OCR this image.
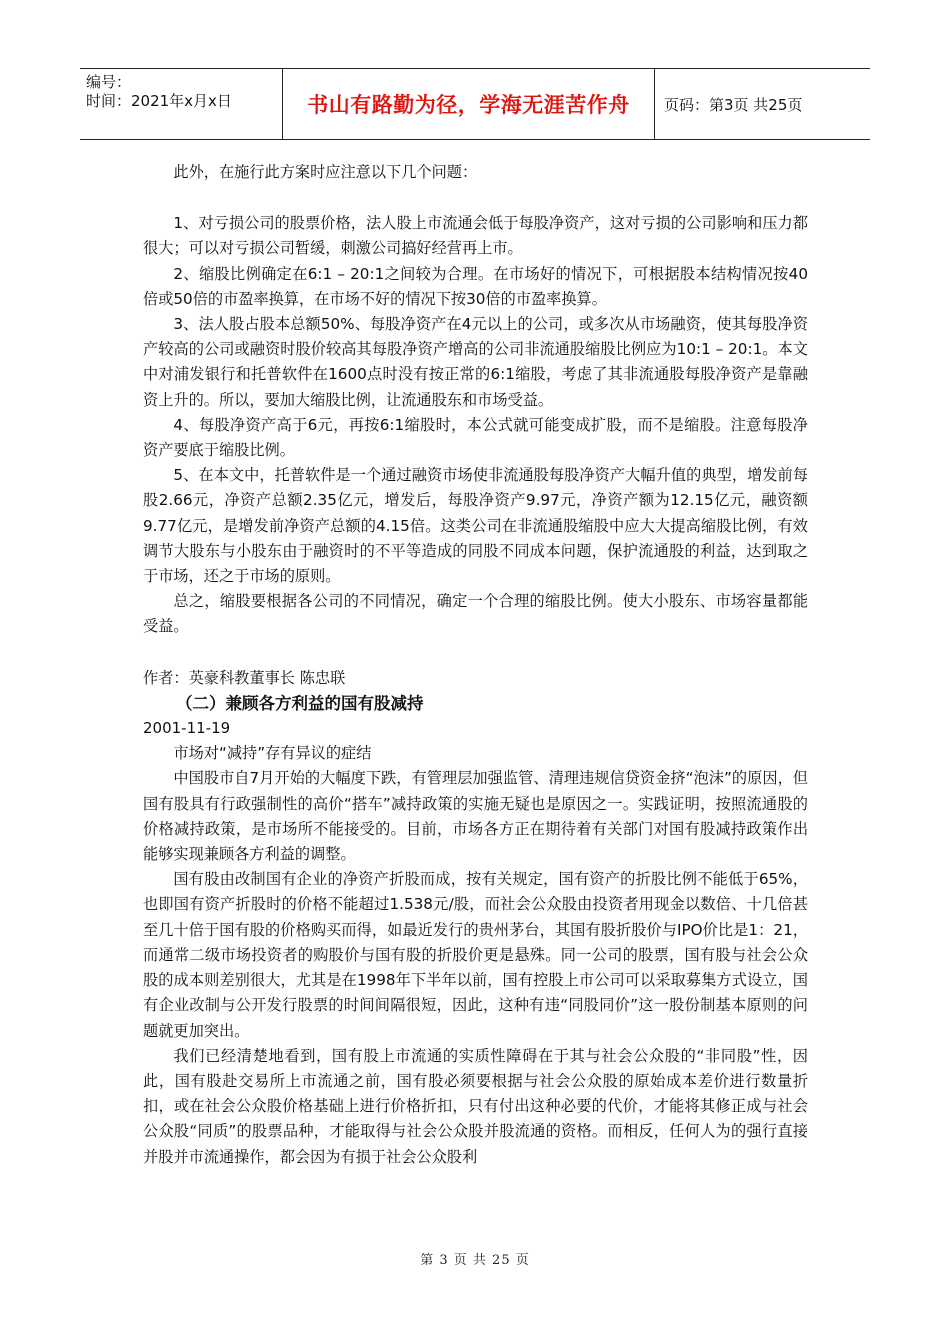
编号：
时间：2021年x月x日	书山有路勤为径，学海无涯苦作舟	页码：第3页 共25页

此外，在施行此方案时应注意以下几个问题：

1、对亏损公司的股票价格，法人股上市流通会低于每股净资产，这对亏损的公司影响和压力都很大；可以对亏损公司暂缓，刺激公司搞好经营再上市。

2、缩股比例确定在6:1 – 20:1之间较为合理。在市场好的情况下，可根据股本结构情况按40倍或50倍的市盈率换算，在市场不好的情况下按30倍的市盈率换算。

3、法人股占股本总额50%、每股净资产在4元以上的公司，或多次从市场融资，使其每股净资产较高的公司或融资时股价较高其每股净资产增高的公司非流通股缩股比例应为10:1 – 20:1。本文中对浦发银行和托普软件在1600点时没有按正常的6:1缩股，考虑了其非流通股每股净资产是靠融资上升的。所以，要加大缩股比例，让流通股东和市场受益。

4、每股净资产高于6元，再按6:1缩股时，本公式就可能变成扩股，而不是缩股。注意每股净资产要底于缩股比例。

5、在本文中，托普软件是一个通过融资市场使非流通股每股净资产大幅升值的典型，增发前每股2.66元，净资产总额2.35亿元，增发后，每股净资产9.97元，净资产额为12.15亿元，融资额9.77亿元，是增发前净资产总额的4.15倍。这类公司在非流通股缩股中应大大提高缩股比例，有效调节大股东与小股东由于融资时的不平等造成的同股不同成本问题，保护流通股的利益，达到取之于市场，还之于市场的原则。

总之，缩股要根据各公司的不同情况，确定一个合理的缩股比例。使大小股东、市场容量都能受益。

作者：英豪科教董事长 陈忠联

（二）兼顾各方利益的国有股减持

2001-11-19

市场对“减持”存有异议的症结

中国股市自7月开始的大幅度下跌，有管理层加强监管、清理违规信贷资金挤“泡沫”的原因，但国有股具有行政强制性的高价“搭车”减持政策的实施无疑也是原因之一。实践证明，按照流通股的价格减持政策，是市场所不能接受的。目前，市场各方正在期待着有关部门对国有股减持政策作出能够实现兼顾各方利益的调整。

国有股由改制国有企业的净资产折股而成，按有关规定，国有资产的折股比例不能低于65%，也即国有资产折股时的价格不能超过1.538元/股，而社会公众股由投资者用现金以数倍、十几倍甚至几十倍于国有股的价格购买而得，如最近发行的贵州茅台，其国有股折股价与IPO价比是1：21，而通常二级市场投资者的购股价与国有股的折股价更是悬殊。同一公司的股票，国有股与社会公众股的成本则差别很大，尤其是在1998年下半年以前，国有控股上市公司可以采取募集方式设立，国有企业改制与公开发行股票的时间间隔很短，因此，这种有违“同股同价”这一股份制基本原则的问题就更加突出。

我们已经清楚地看到，国有股上市流通的实质性障碍在于其与社会公众股的“非同股”性，因此，国有股赴交易所上市流通之前，国有股必须要根据与社会公众股的原始成本差价进行数量折扣，或在社会公众股价格基础上进行价格折扣，只有付出这种必要的代价，才能将其修正成与社会公众股“同质”的股票品种，才能取得与社会公众股并股流通的资格。而相反，任何人为的强行直接并股并市流通操作，都会因为有损于社会公众股利

第 3 页 共 25 页
